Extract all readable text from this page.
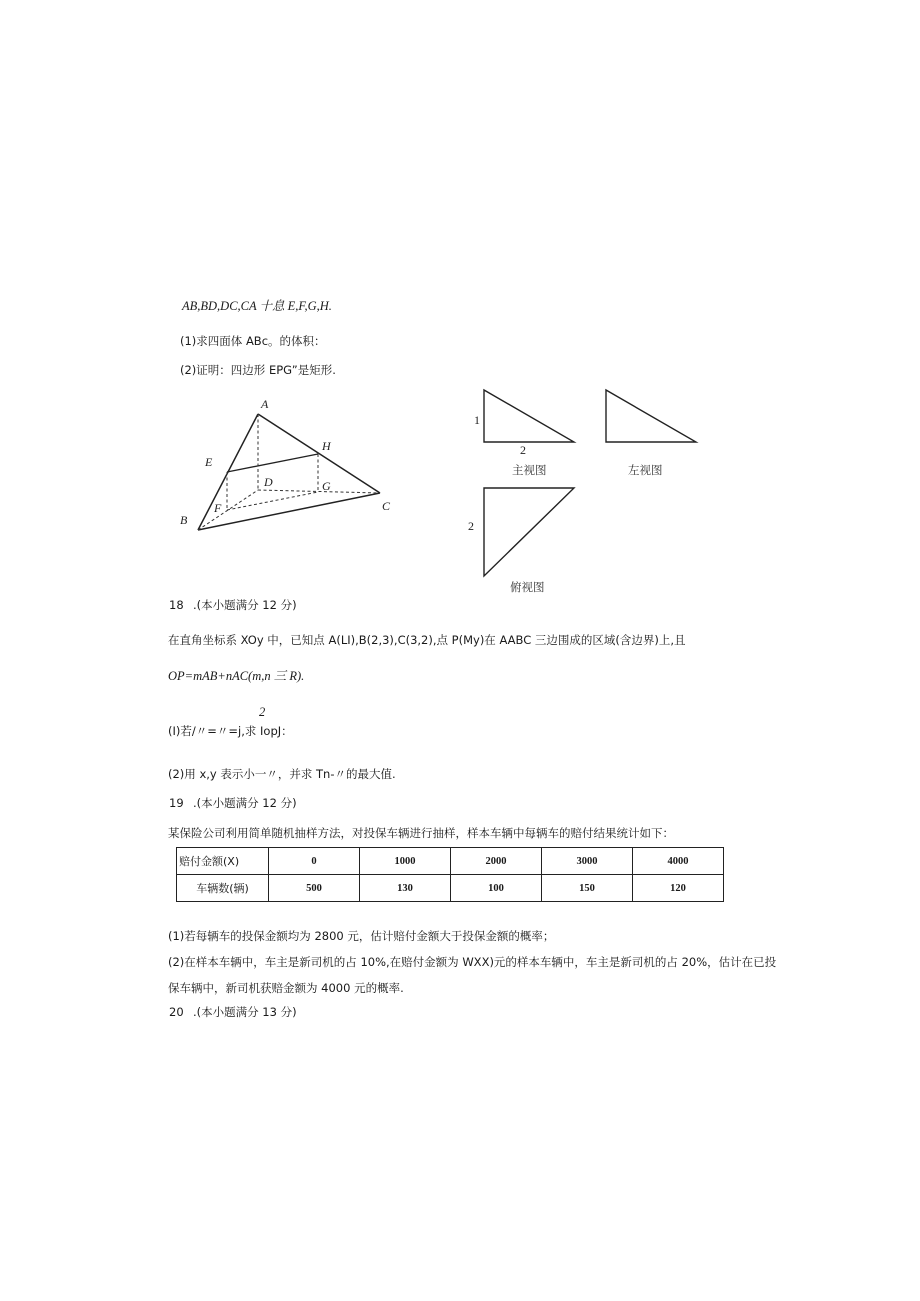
AB,BD,DC,CA 十息 E,F,G,H.
(1)求四面体 ABc。的体积：
(2)证明：四边形 EPG”是矩形.
A
B
C
D
E
F
G
H
1
2
主视图	左视图
2
俯视图
18 .(本小题满分 12 分)
在直角坐标系 XOy 中，已知点 A(LI),B(2,3),C(3,2),点 P(My)在 AABC 三边围成的区域(含边界)上,且
OP=mAB+nAC(m,n 三 R).
2
(I)若/〃=〃=j,求 IopJ：
(2)用 x,y 表示小一〃，并求 Tn-〃的最大值.
19 .(本小题满分 12 分)
某保险公司利用简单随机抽样方法，对投保车辆进行抽样，样本车辆中每辆车的赔付结果统计如下：
赔付金额(X)	0	1000	2000	3000	4000
车辆数(辆)	500	130	100	150	120
(1)若每辆车的投保金额均为 2800 元，估计赔付金额大于投保金额的概率；
(2)在样本车辆中，车主是新司机的占 10%,在赔付金额为 WXX)元的样本车辆中，车主是新司机的占 20%，估计在已投
保车辆中，新司机获赔金额为 4000 元的概率.
20 .(本小题满分 13 分)
